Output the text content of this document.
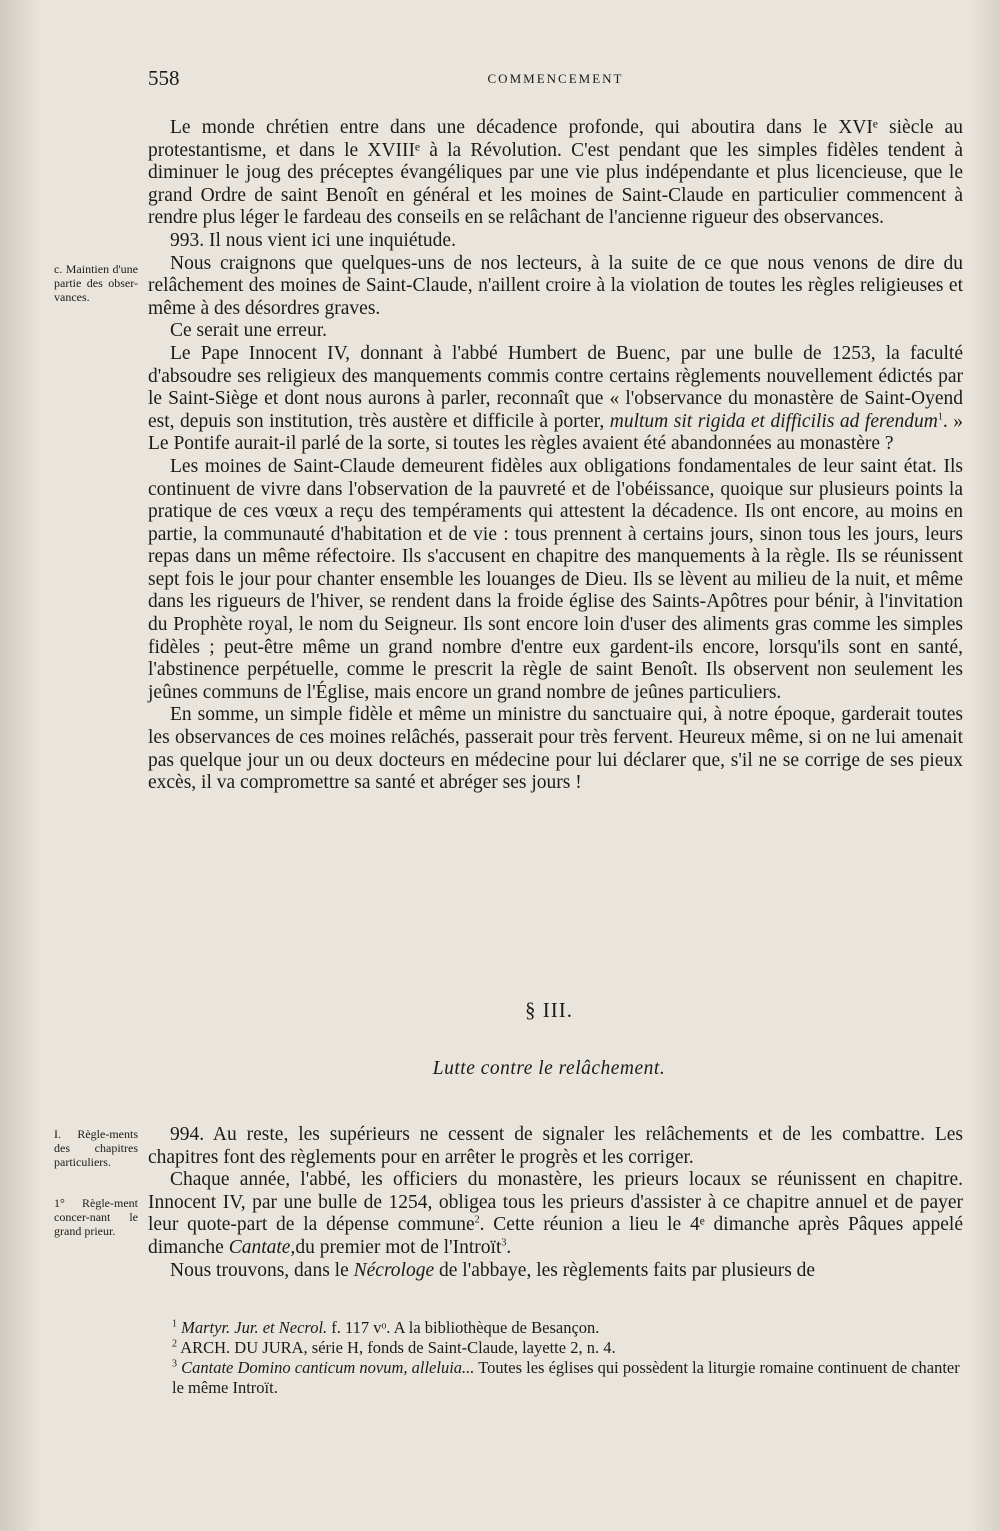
558	COMMENCEMENT
c. Maintien d'une partie des obser-vances.

Le monde chrétien entre dans une décadence profonde, qui aboutira dans le XVIᵉ siècle au protestantisme, et dans le XVIIIᵉ à la Révolution. C'est pendant que les simples fidèles tendent à diminuer le joug des préceptes évangéliques par une vie plus indépendante et plus licencieuse, que le grand Ordre de saint Benoît en général et les moines de Saint-Claude en particulier commencent à rendre plus léger le fardeau des conseils en se relâchant de l'ancienne rigueur des observances.

993. Il nous vient ici une inquiétude.

Nous craignons que quelques-uns de nos lecteurs, à la suite de ce que nous venons de dire du relâchement des moines de Saint-Claude, n'aillent croire à la violation de toutes les règles religieuses et même à des désordres graves.

Ce serait une erreur.

Le Pape Innocent IV, donnant à l'abbé Humbert de Buenc, par une bulle de 1253, la faculté d'absoudre ses religieux des manquements commis contre certains règlements nouvellement édictés par le Saint-Siège et dont nous aurons à parler, reconnaît que « l'observance du monastère de Saint-Oyend est, depuis son institution, très austère et difficile à porter, multum sit rigida et difficilis ad ferendum$^1$. » Le Pontife aurait-il parlé de la sorte, si toutes les règles avaient été abandonnées au monastère ?

Les moines de Saint-Claude demeurent fidèles aux obligations fondamentales de leur saint état. Ils continuent de vivre dans l'observation de la pauvreté et de l'obéissance, quoique sur plusieurs points la pratique de ces vœux a reçu des tempéraments qui attestent la décadence. Ils ont encore, au moins en partie, la communauté d'habitation et de vie : tous prennent à certains jours, sinon tous les jours, leurs repas dans un même réfectoire. Ils s'accusent en chapitre des manquements à la règle. Ils se réunissent sept fois le jour pour chanter ensemble les louanges de Dieu. Ils se lèvent au milieu de la nuit, et même dans les rigueurs de l'hiver, se rendent dans la froide église des Saints-Apôtres pour bénir, à l'invitation du Prophète royal, le nom du Seigneur. Ils sont encore loin d'user des aliments gras comme les simples fidèles ; peut-être même un grand nombre d'entre eux gardent-ils encore, lorsqu'ils sont en santé, l'abstinence perpétuelle, comme le prescrit la règle de saint Benoît. Ils observent non seulement les jeûnes communs de l'Église, mais encore un grand nombre de jeûnes particuliers.

En somme, un simple fidèle et même un ministre du sanctuaire qui, à notre époque, garderait toutes les observances de ces moines relâchés, passerait pour très fervent. Heureux même, si on ne lui amenait pas quelque jour un ou deux docteurs en médecine pour lui déclarer que, s'il ne se corrige de ses pieux excès, il va compromettre sa santé et abréger ses jours !

§ III.
Lutte contre le relâchement.
I. Règle-ments des chapitres particuliers.
1° Règle-ment concer-nant le grand prieur.

994. Au reste, les supérieurs ne cessent de signaler les relâchements et de les combattre. Les chapitres font des règlements pour en arrêter le progrès et les corriger.

Chaque année, l'abbé, les officiers du monastère, les prieurs locaux se réunissent en chapitre. Innocent IV, par une bulle de 1254, obligea tous les prieurs d'assister à ce chapitre annuel et de payer leur quote-part de la dépense commune$^2$. Cette réunion a lieu le 4ᵉ dimanche après Pâques appelé dimanche Cantate,du premier mot de l'Introït$^3$.

Nous trouvons, dans le Nécrologe de l'abbaye, les règlements faits par plusieurs de

$^1$ Martyr. Jur. et Necrol. f. 117 vᵒ. A la bibliothèque de Besançon.
$^2$ ARCH. DU JURA, série H, fonds de Saint-Claude, layette 2, n. 4.
$^3$ Cantate Domino canticum novum, alleluia... Toutes les églises qui possèdent la liturgie romaine continuent de chanter le même Introït.
